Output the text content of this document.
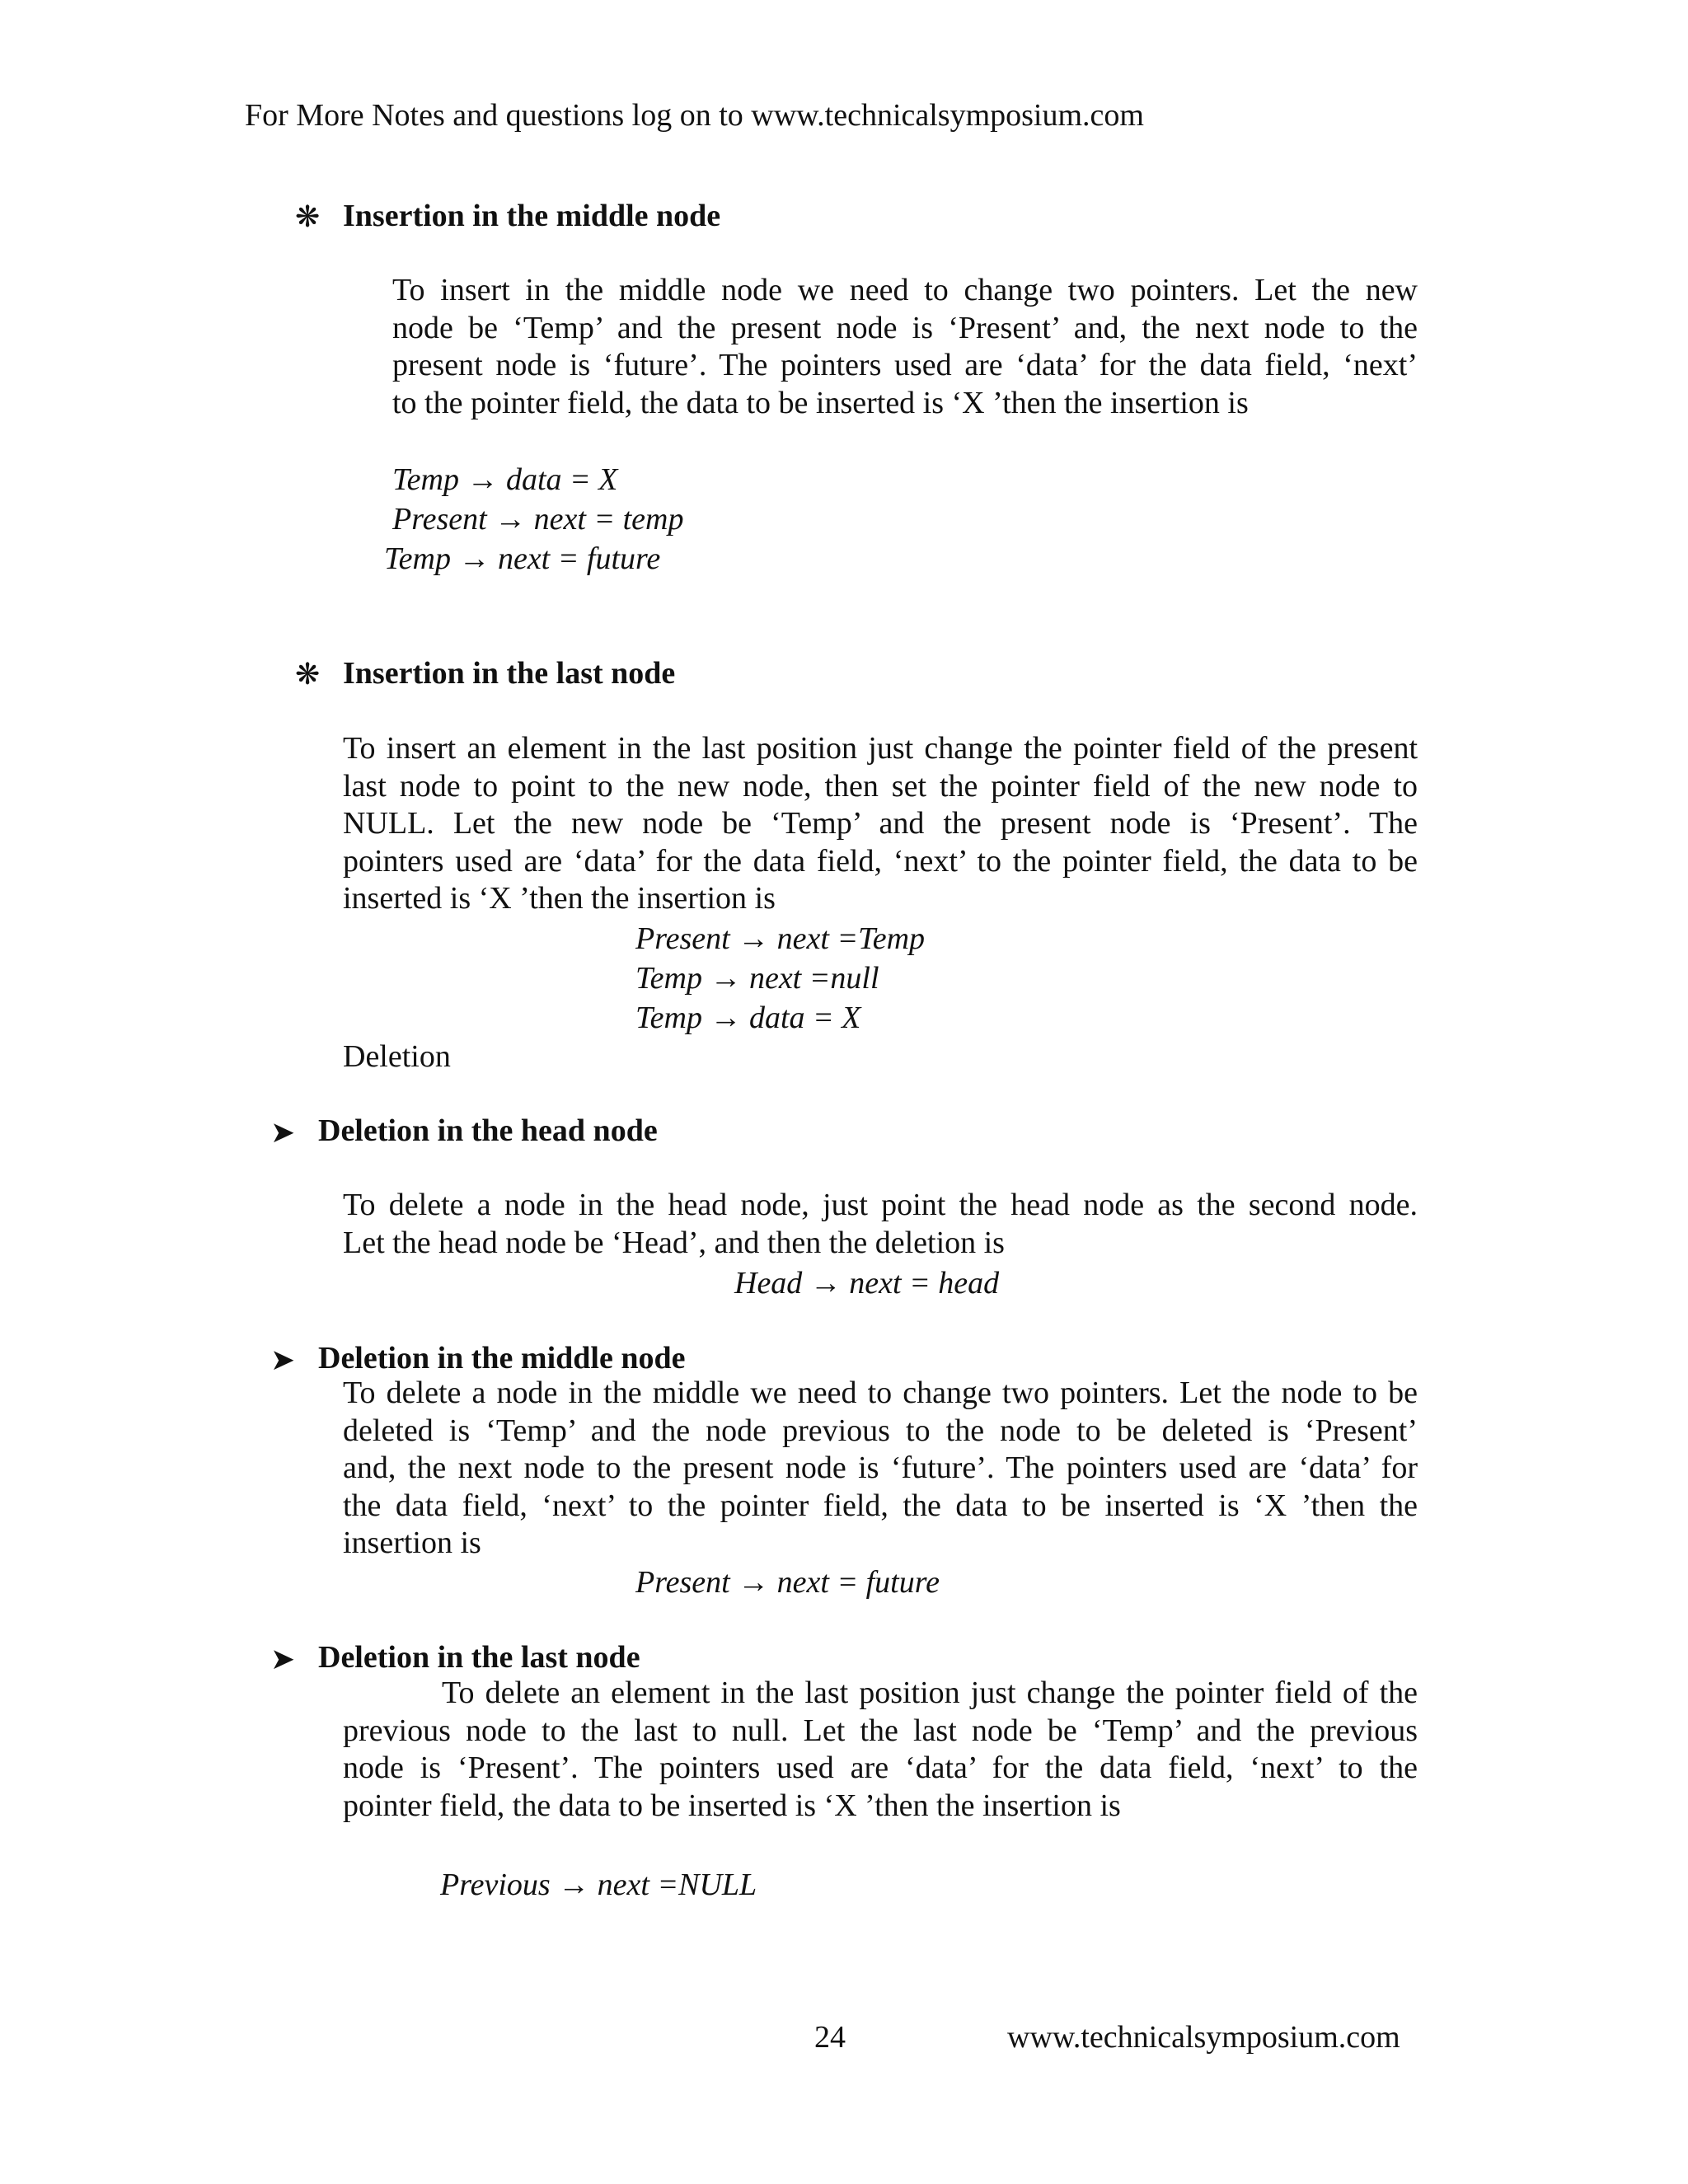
For More Notes and questions log on to www.technicalsymposium.com
❋ Insertion in the middle node
To insert in the middle node we need to change two pointers. Let the new
node be ‘Temp’ and the present node is ‘Present’ and, the next node to the
present node is ‘future’. The pointers used are ‘data’ for the data field, ‘next’
to the pointer field, the data to be inserted is ‘X ’then the insertion is
Temp → data = X
Present → next = temp
Temp → next = future
❋ Insertion in the last node
To insert an element in the last position just change the pointer field of the present
last node to point to the new node, then set the pointer field of the new node to
NULL. Let the new node be ‘Temp’ and the present node is ‘Present’. The
pointers used are ‘data’ for the data field, ‘next’ to the pointer field, the data to be
inserted is ‘X ’then the insertion is
Present → next =Temp
Temp → next =null
Temp → data = X
Deletion
➤ Deletion in the head node
To delete a node in the head node, just point the head node as the second node.
Let the head node be ‘Head’, and then the deletion is
Head → next = head
➤ Deletion in the middle node
To delete a node in the middle we need to change two pointers. Let the node to be
deleted is ‘Temp’ and the node previous to the node to be deleted is ‘Present’
and, the next node to the present node is ‘future’. The pointers used are ‘data’ for
the data field, ‘next’ to the pointer field, the data to be inserted is ‘X ’then the
insertion is
Present → next = future
➤ Deletion in the last node
To delete an element in the last position just change the pointer field of the
previous node to the last to null. Let the last node be ‘Temp’ and the previous
node is ‘Present’. The pointers used are ‘data’ for the data field, ‘next’ to the
pointer field, the data to be inserted is ‘X ’then the insertion is
Previous → next =NULL
24	www.technicalsymposium.com
